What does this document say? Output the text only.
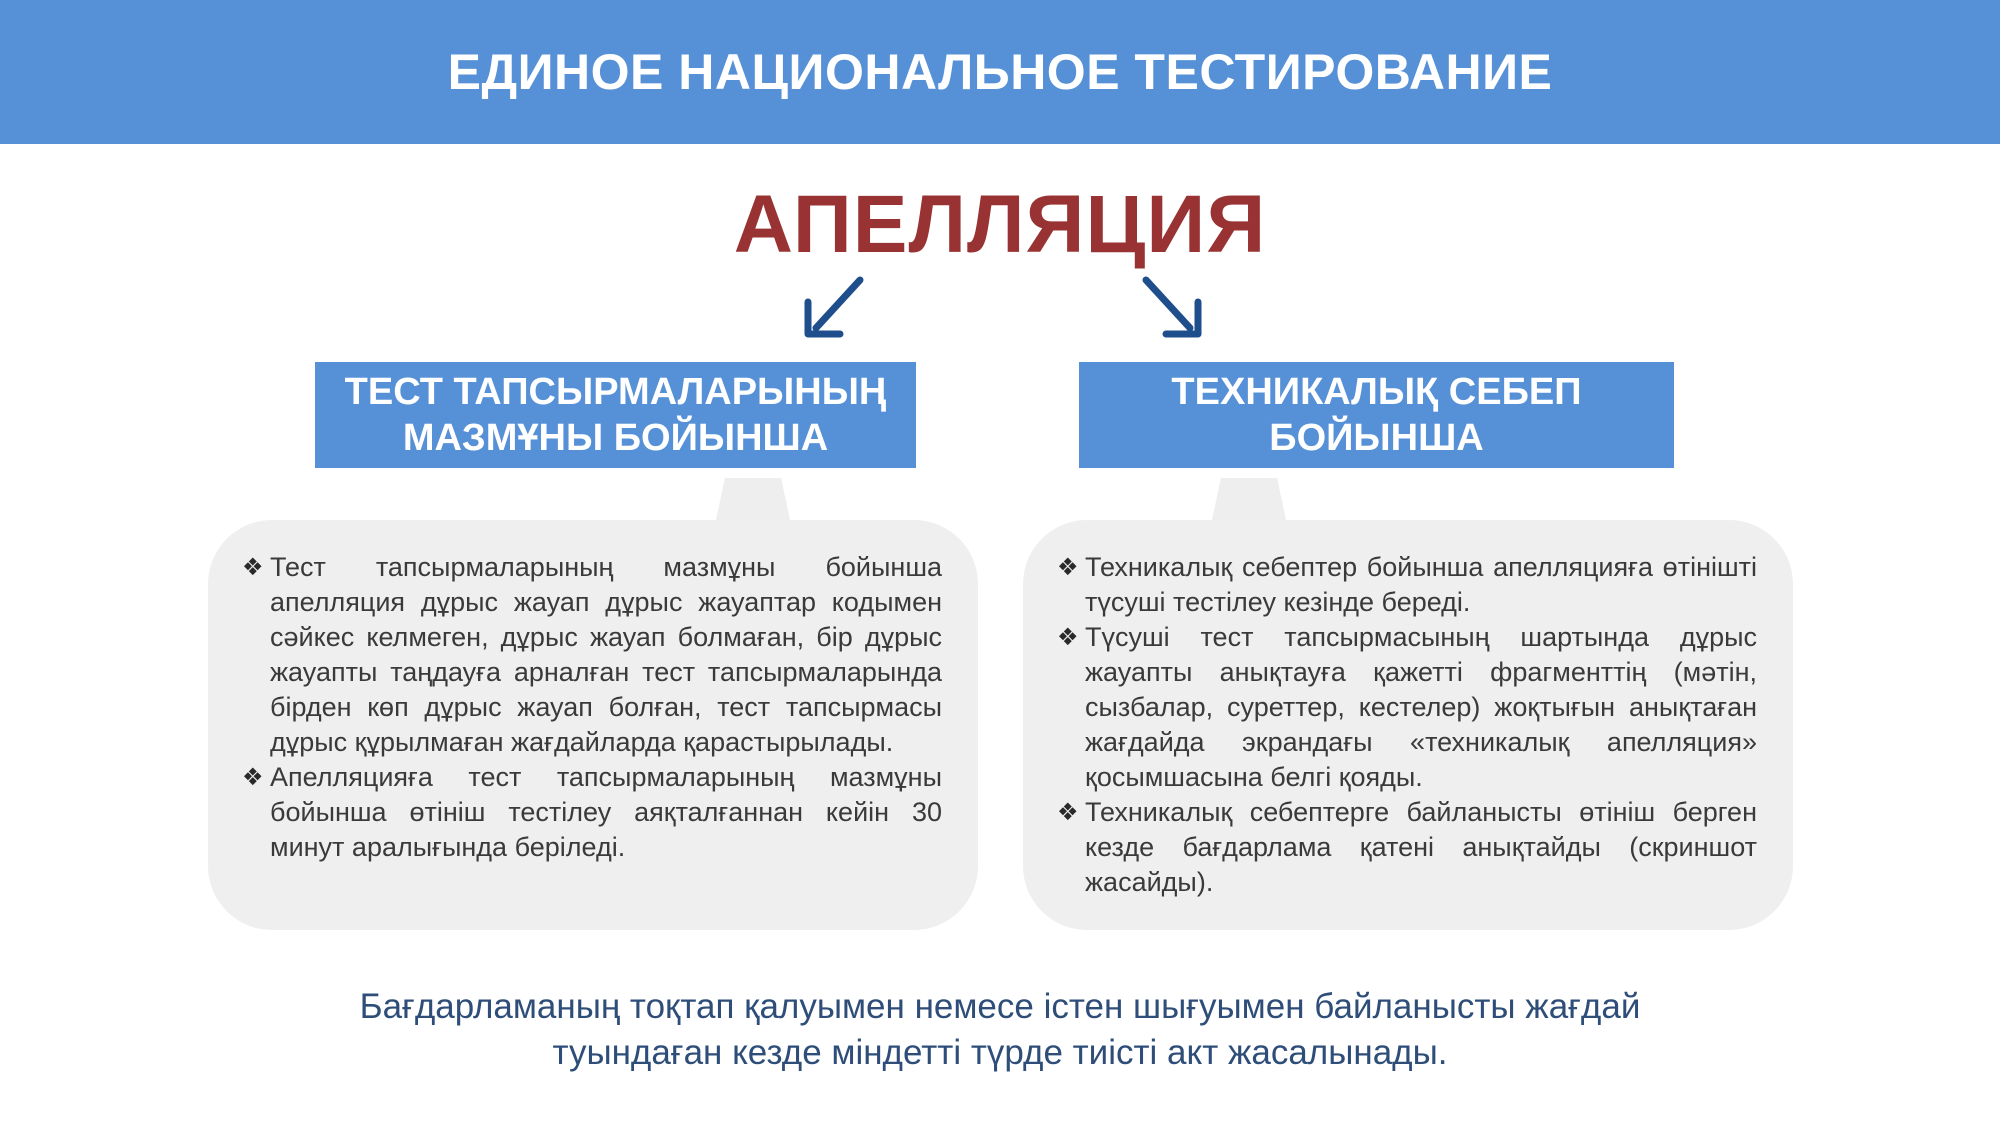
ЕДИНОЕ НАЦИОНАЛЬНОЕ ТЕСТИРОВАНИЕ
АПЕЛЛЯЦИЯ
ТЕСТ ТАПСЫРМАЛАРЫНЫҢ
МАЗМҰНЫ БОЙЫНША
ТЕХНИКАЛЫҚ СЕБЕП
БОЙЫНША
❖ Тест тапсырмаларының мазмұны бойынша апелляция дұрыс жауап дұрыс жауаптар кодымен сәйкес келмеген, дұрыс жауап болмаған, бір дұрыс жауапты таңдауға арналған тест тапсырмаларында бірден көп дұрыс жауап болған, тест тапсырмасы дұрыс құрылмаған жағдайларда қарастырылады.
❖ Апелляцияға тест тапсырмаларының мазмұны бойынша өтініш тестілеу аяқталғаннан кейін 30 минут аралығында беріледі.
❖ Техникалық себептер бойынша апелляцияға өтінішті түсуші тестілеу кезінде береді.
❖ Түсуші тест тапсырмасының шартында дұрыс жауапты анықтауға қажетті фрагменттің (мәтін, сызбалар, суреттер, кестелер) жоқтығын анықтаған жағдайда экрандағы «техникалық апелляция» қосымшасына белгі қояды.
❖ Техникалық себептерге байланысты өтініш берген кезде бағдарлама қатені анықтайды (скриншот жасайды).
Бағдарламаның тоқтап қалуымен немесе істен шығуымен байланысты жағдай
туындаған кезде міндетті түрде тиісті акт жасалынады.
